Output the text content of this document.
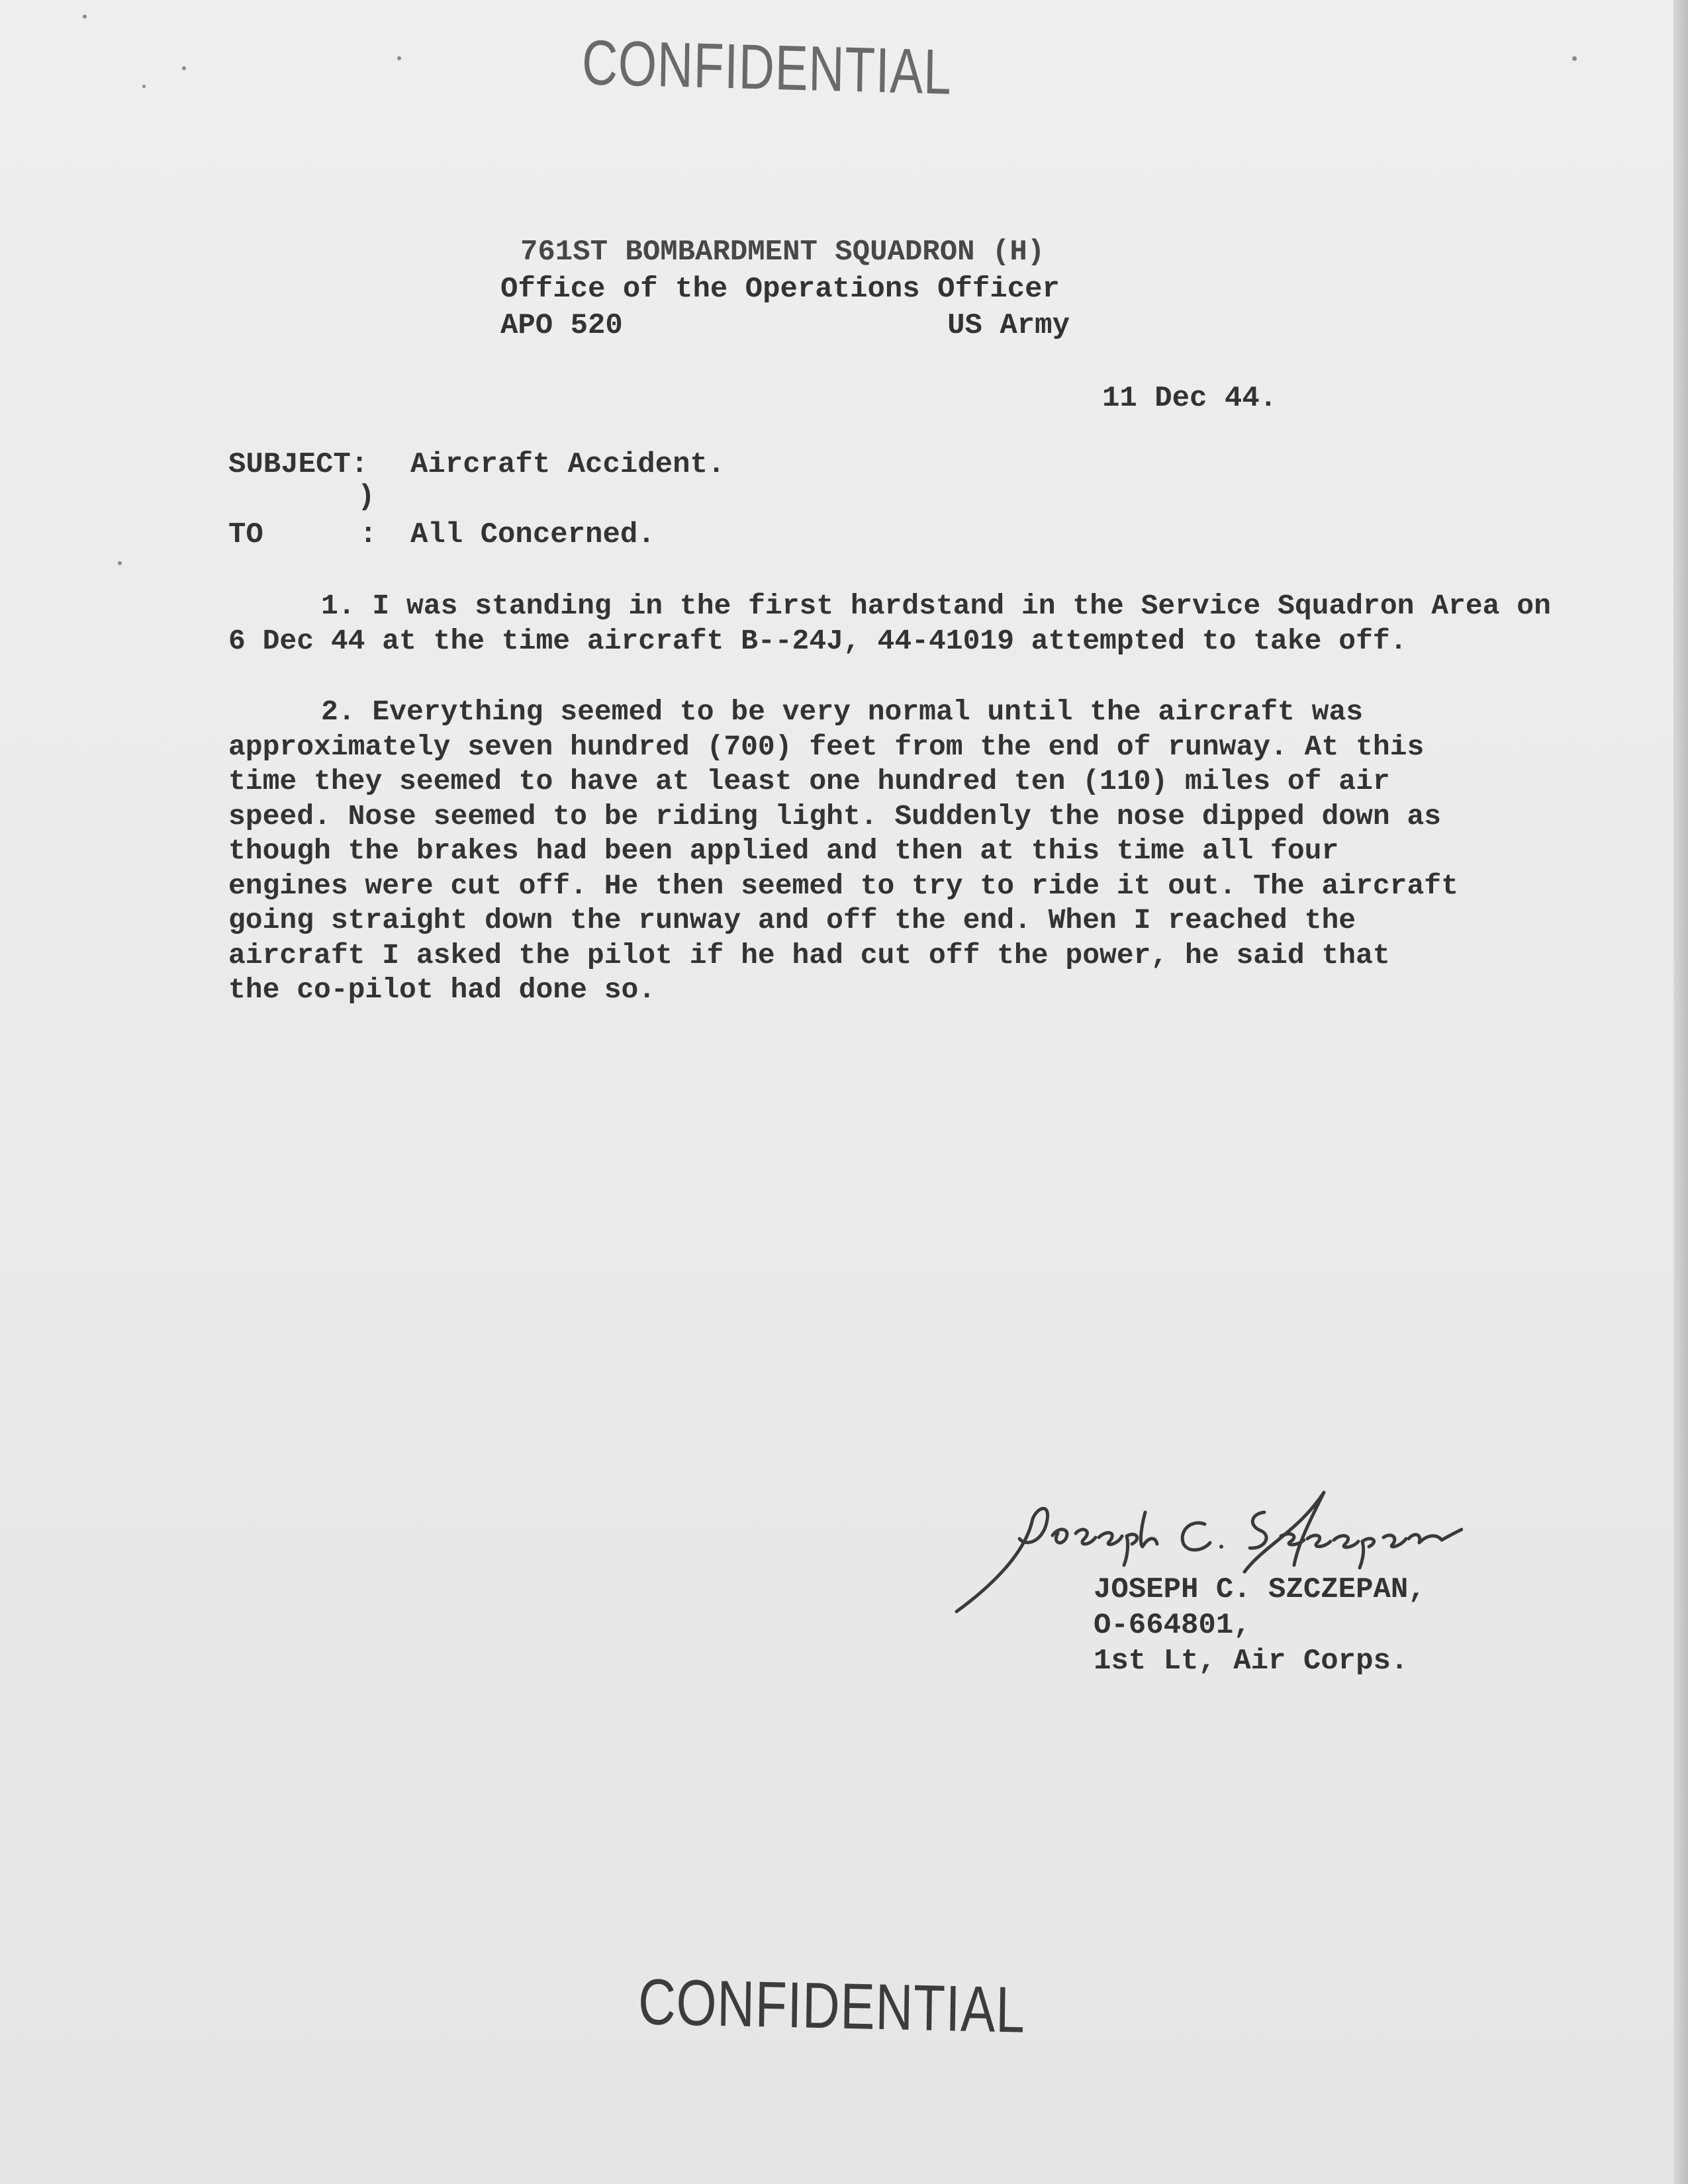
CONFIDENTIAL
761ST BOMBARDMENT SQUADRON (H)
Office of the Operations Officer
APO 520	US Army
11 Dec 44.
SUBJECT: Aircraft Accident.
)
TO	: All Concerned.

1. I was standing in the first hardstand in the Service Squadron Area on
6 Dec 44 at the time aircraft B--24J, 44-41019 attempted to take off.

2. Everything seemed to be very normal until the aircraft was
approximately seven hundred (700) feet from the end of runway. At this
time they seemed to have at least one hundred ten (110) miles of air
speed. Nose seemed to be riding light. Suddenly the nose dipped down as
though the brakes had been applied and then at this time all four
engines were cut off. He then seemed to try to ride it out. The aircraft
going straight down the runway and off the end. When I reached the
aircraft I asked the pilot if he had cut off the power, he said that
the co-pilot had done so.

JOSEPH C. SZCZEPAN,
O-664801,
1st Lt, Air Corps.
CONFIDENTIAL
